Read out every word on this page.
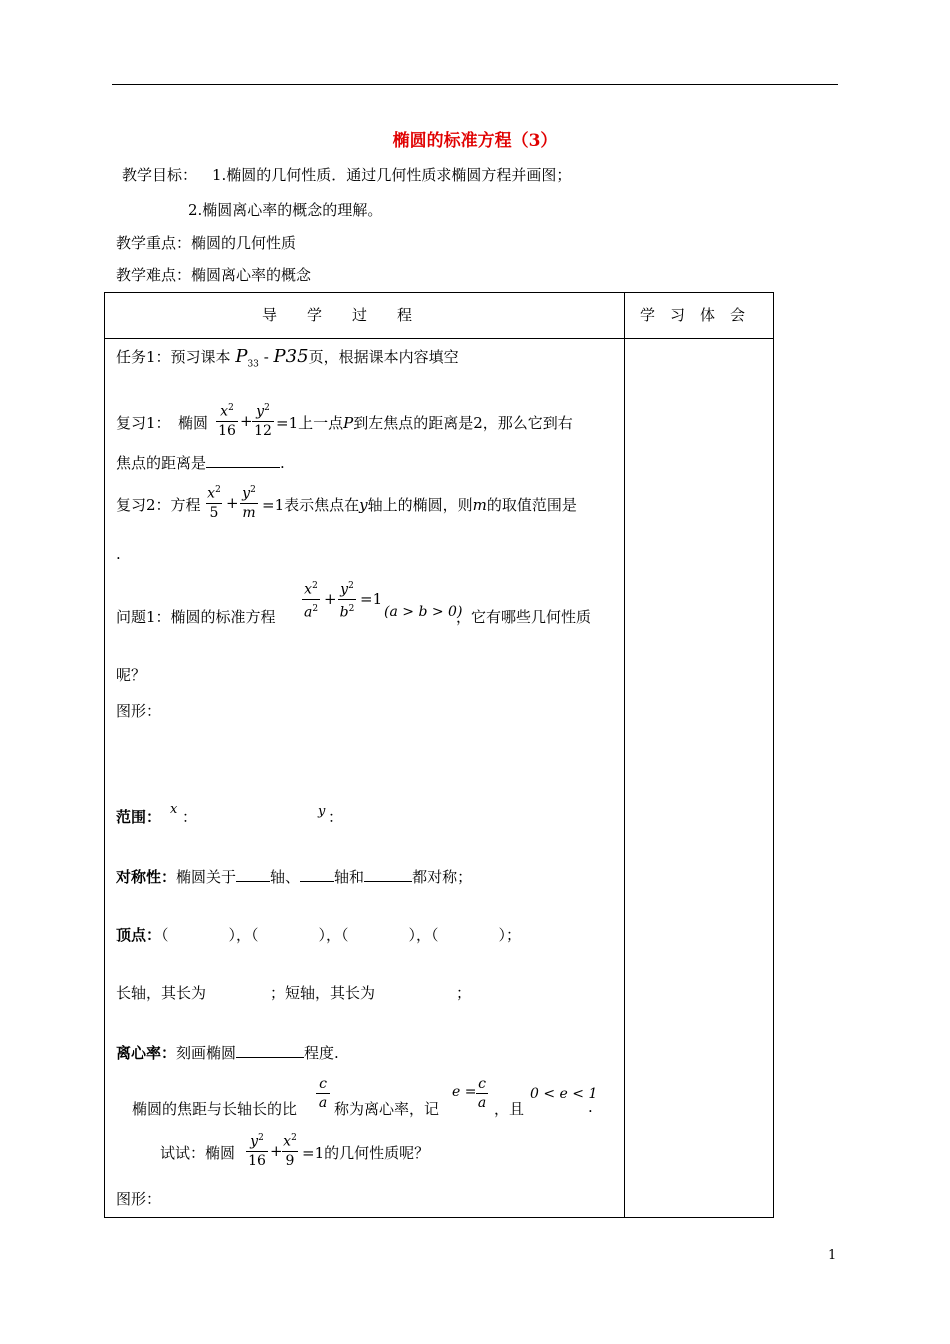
椭圆的标准方程（3）
教学目标： 1.椭圆的几何性质．通过几何性质求椭圆方程并画图；
2.椭圆离心率的概念的理解。
教学重点：椭圆的几何性质
教学难点：椭圆离心率的概念
导　　学　　过　　程	学　习　体　会
任务1：预习课本 $P_{33} - P35$页，根据课本内容填空
复习1：　椭圆
$x^2$
16
+
$y^2$
12 =1上一点P到左焦点的距离是2，那么它到右
焦点的距离是	.
复习2：方程
$x^2$
5
+
$y^2$
m =1表示焦点在y轴上的椭圆，则m的取值范围是
.
问题1：椭圆的标准方程
$x^2$
$a^2$
+
$y^2$
$b^2$
=1
(a > b > 0)
，它有哪些几何性质
呢？
图形：
范围： x ：	y ：
对称性：椭圆关于 轴、 轴和	都对称；
顶点：（　　　　），（　　　　），（　　　　），（　　　　）；
长轴，其长为	；短轴，其长为	；
离心率：刻画椭圆	程度.
椭圆的焦距与长轴长的比
c
a 称为离心率，记
e = c
a ，且
0 < e < 1
.
试试：椭圆
$y^2$
16
+
$x^2$
9 =1的几何性质呢？
图形：
1
